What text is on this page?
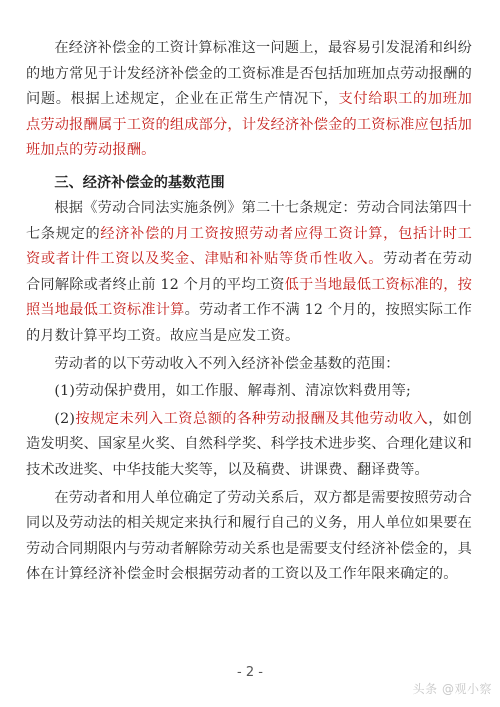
在经济补偿金的工资计算标准这一问题上，最容易引发混淆和纠纷的地方常见于计发经济补偿金的工资标准是否包括加班加点劳动报酬的问题。根据上述规定，企业在正常生产情况下，支付给职工的加班加点劳动报酬属于工资的组成部分，计发经济补偿金的工资标准应包括加班加点的劳动报酬。

三、经济补偿金的基数范围

根据《劳动合同法实施条例》第二十七条规定：劳动合同法第四十七条规定的经济补偿的月工资按照劳动者应得工资计算，包括计时工资或者计件工资以及奖金、津贴和补贴等货币性收入。劳动者在劳动合同解除或者终止前 12 个月的平均工资低于当地最低工资标准的，按照当地最低工资标准计算。劳动者工作不满 12 个月的，按照实际工作的月数计算平均工资。故应当是应发工资。

劳动者的以下劳动收入不列入经济补偿金基数的范围：

(1)劳动保护费用，如工作服、解毒剂、清凉饮料费用等;

(2)按规定未列入工资总额的各种劳动报酬及其他劳动收入，如创造发明奖、国家星火奖、自然科学奖、科学技术进步奖、合理化建议和技术改进奖、中华技能大奖等，以及稿费、讲课费、翻译费等。

在劳动者和用人单位确定了劳动关系后，双方都是需要按照劳动合同以及劳动法的相关规定来执行和履行自己的义务，用人单位如果要在劳动合同期限内与劳动者解除劳动关系也是需要支付经济补偿金的，具体在计算经济补偿金时会根据劳动者的工资以及工作年限来确定的。

- 2 -
头条 @观小察
